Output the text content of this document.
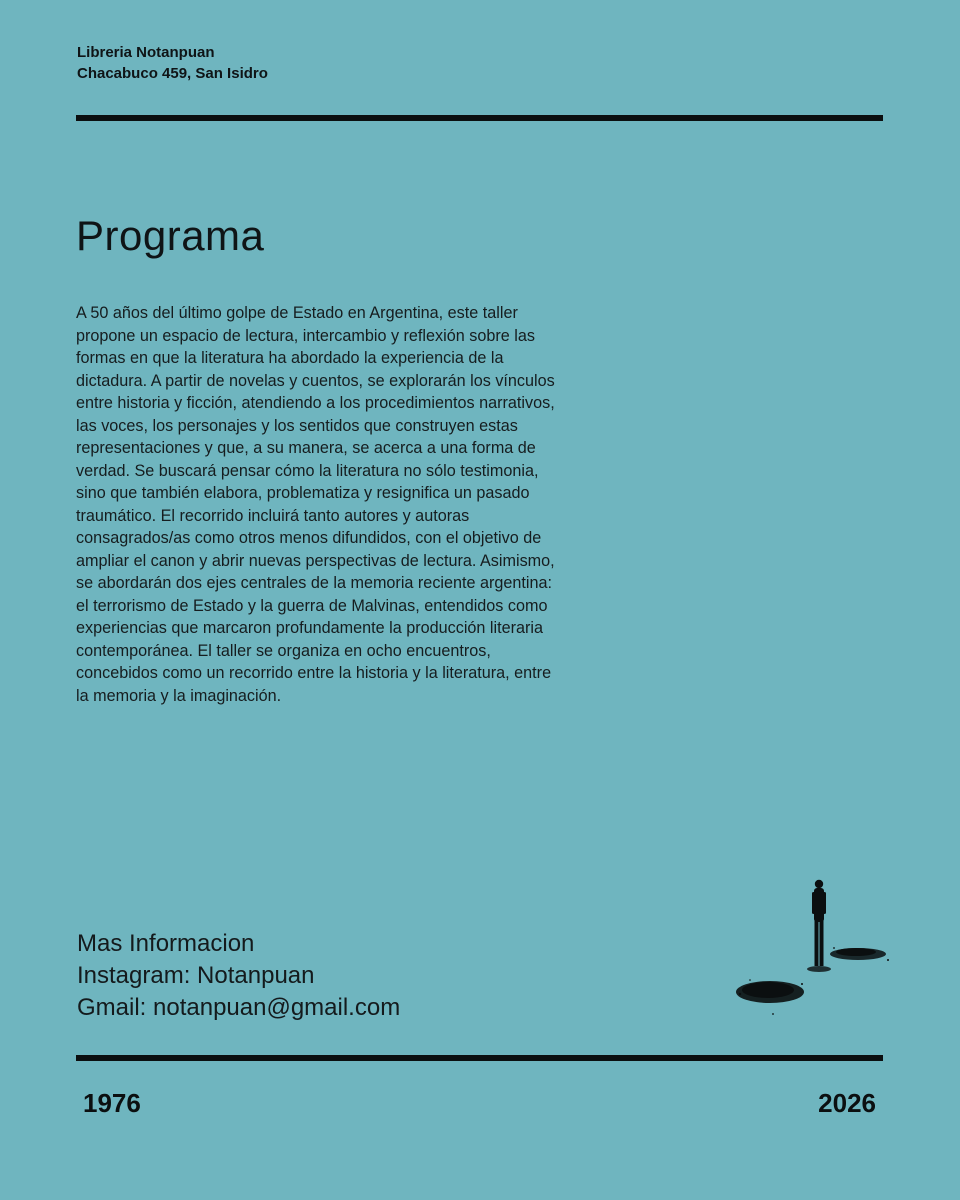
Libreria Notanpuan
Chacabuco 459, San Isidro
Programa

A 50 años del último golpe de Estado en Argentina, este taller propone un espacio de lectura, intercambio y reflexión sobre las formas en que la literatura ha abordado la experiencia de la dictadura. A partir de novelas y cuentos, se explorarán los vínculos entre historia y ficción, atendiendo a los procedimientos narrativos, las voces, los personajes y los sentidos que construyen estas representaciones y que, a su manera, se acerca a una forma de verdad. Se buscará pensar cómo la literatura no sólo testimonia, sino que también elabora, problematiza y resignifica un pasado traumático. El recorrido incluirá tanto autores y autoras consagrados/as como otros menos difundidos, con el objetivo de ampliar el canon y abrir nuevas perspectivas de lectura. Asimismo, se abordarán dos ejes centrales de la memoria reciente argentina: el terrorismo de Estado y la guerra de Malvinas, entendidos como experiencias que marcaron profundamente la producción literaria contemporánea. El taller se organiza en ocho encuentros, concebidos como un recorrido entre la historia y la literatura, entre la memoria y la imaginación.

Mas Informacion
Instagram: Notanpuan
Gmail: notanpuan@gmail.com
1976	2026
